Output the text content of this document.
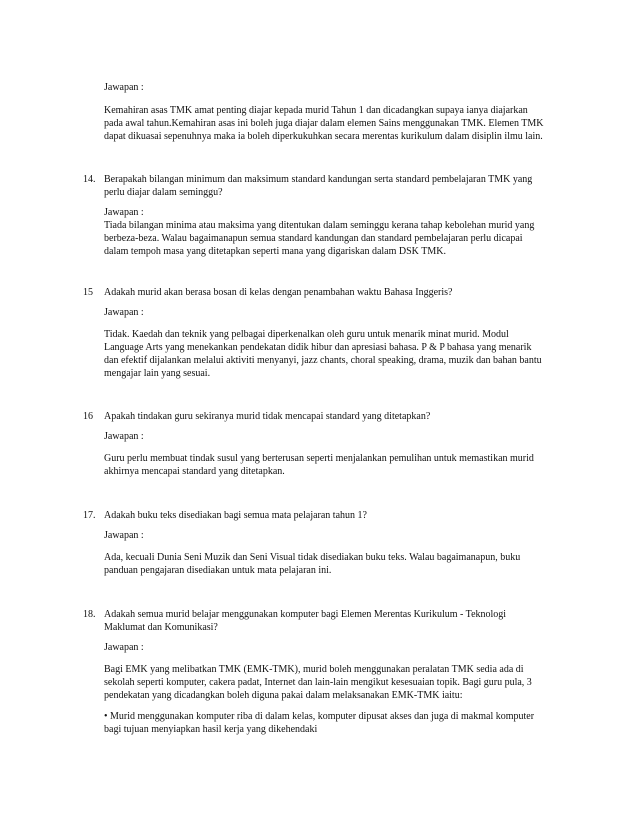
Jawapan :

Kemahiran asas TMK amat penting diajar kepada murid Tahun 1 dan dicadangkan supaya ianya diajarkan
pada awal tahun.Kemahiran asas ini boleh juga diajar dalam elemen Sains menggunakan TMK. Elemen TMK
dapat dikuasai sepenuhnya maka ia boleh diperkukuhkan secara merentas kurikulum dalam disiplin ilmu lain.

14. Berapakah bilangan minimum dan maksimum standard kandungan serta standard pembelajaran TMK yang
perlu diajar dalam seminggu?

Jawapan :

Tiada bilangan minima atau maksima yang ditentukan dalam seminggu kerana tahap kebolehan murid yang
berbeza-beza. Walau bagaimanapun semua standard kandungan dan standard pembelajaran perlu dicapai
dalam tempoh masa yang ditetapkan seperti mana yang digariskan dalam DSK TMK.

15	Adakah murid akan berasa bosan di kelas dengan penambahan waktu Bahasa Inggeris?

Jawapan :

Tidak. Kaedah dan teknik yang pelbagai diperkenalkan oleh guru untuk menarik minat murid. Modul
Language Arts yang menekankan pendekatan didik hibur dan apresiasi bahasa. P & P bahasa yang menarik
dan efektif dijalankan melalui aktiviti menyanyi, jazz chants, choral speaking, drama, muzik dan bahan bantu
mengajar lain yang sesuai.

16	Apakah tindakan guru sekiranya murid tidak mencapai standard yang ditetapkan?

Jawapan :

Guru perlu membuat tindak susul yang berterusan seperti menjalankan pemulihan untuk memastikan murid
akhirnya mencapai standard yang ditetapkan.

17. Adakah buku teks disediakan bagi semua mata pelajaran tahun 1?

Jawapan :

Ada, kecuali Dunia Seni Muzik dan Seni Visual tidak disediakan buku teks. Walau bagaimanapun, buku
panduan pengajaran disediakan untuk mata pelajaran ini.

18. Adakah semua murid belajar menggunakan komputer bagi Elemen Merentas Kurikulum - Teknologi
Maklumat dan Komunikasi?

Jawapan :

Bagi EMK yang melibatkan TMK (EMK-TMK), murid boleh menggunakan peralatan TMK sedia ada di
sekolah seperti komputer, cakera padat, Internet dan lain-lain mengikut kesesuaian topik. Bagi guru pula, 3
pendekatan yang dicadangkan boleh diguna pakai dalam melaksanakan EMK-TMK iaitu:

• Murid menggunakan komputer riba di dalam kelas, komputer dipusat akses dan juga di makmal komputer
bagi tujuan menyiapkan hasil kerja yang dikehendaki
